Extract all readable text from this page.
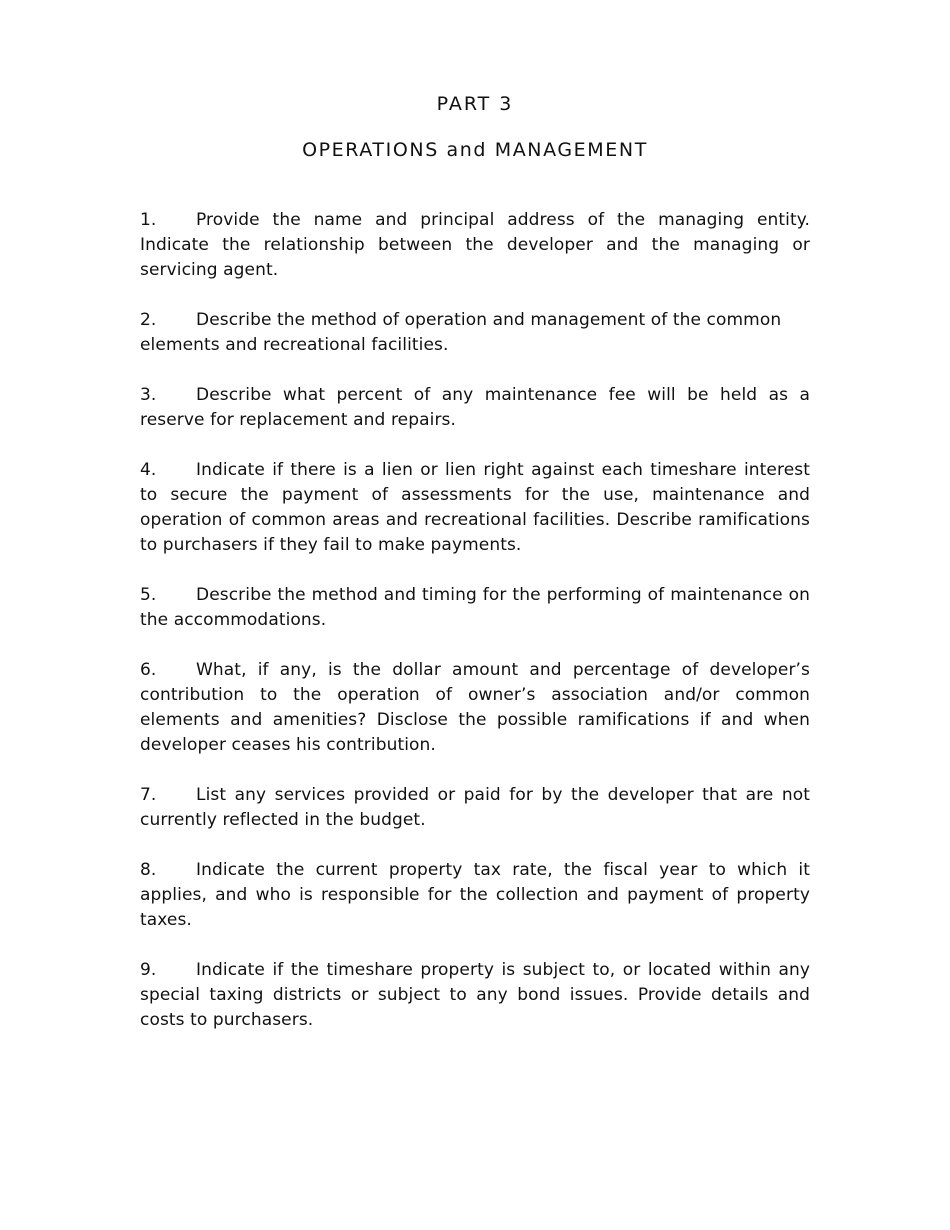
PART 3
OPERATIONS and MANAGEMENT
1. Provide the name and principal address of the managing entity. Indicate the relationship between the developer and the managing or servicing agent.
2. Describe the method of operation and management of the common elements and recreational facilities.
3. Describe what percent of any maintenance fee will be held as a reserve for replacement and repairs.
4. Indicate if there is a lien or lien right against each timeshare interest to secure the payment of assessments for the use, maintenance and operation of common areas and recreational facilities. Describe ramifications to purchasers if they fail to make payments.
5. Describe the method and timing for the performing of maintenance on the accommodations.
6. What, if any, is the dollar amount and percentage of developer’s contribution to the operation of owner’s association and/or common elements and amenities? Disclose the possible ramifications if and when developer ceases his contribution.
7. List any services provided or paid for by the developer that are not currently reflected in the budget.
8. Indicate the current property tax rate, the fiscal year to which it applies, and who is responsible for the collection and payment of property taxes.
9. Indicate if the timeshare property is subject to, or located within any special taxing districts or subject to any bond issues. Provide details and costs to purchasers.
